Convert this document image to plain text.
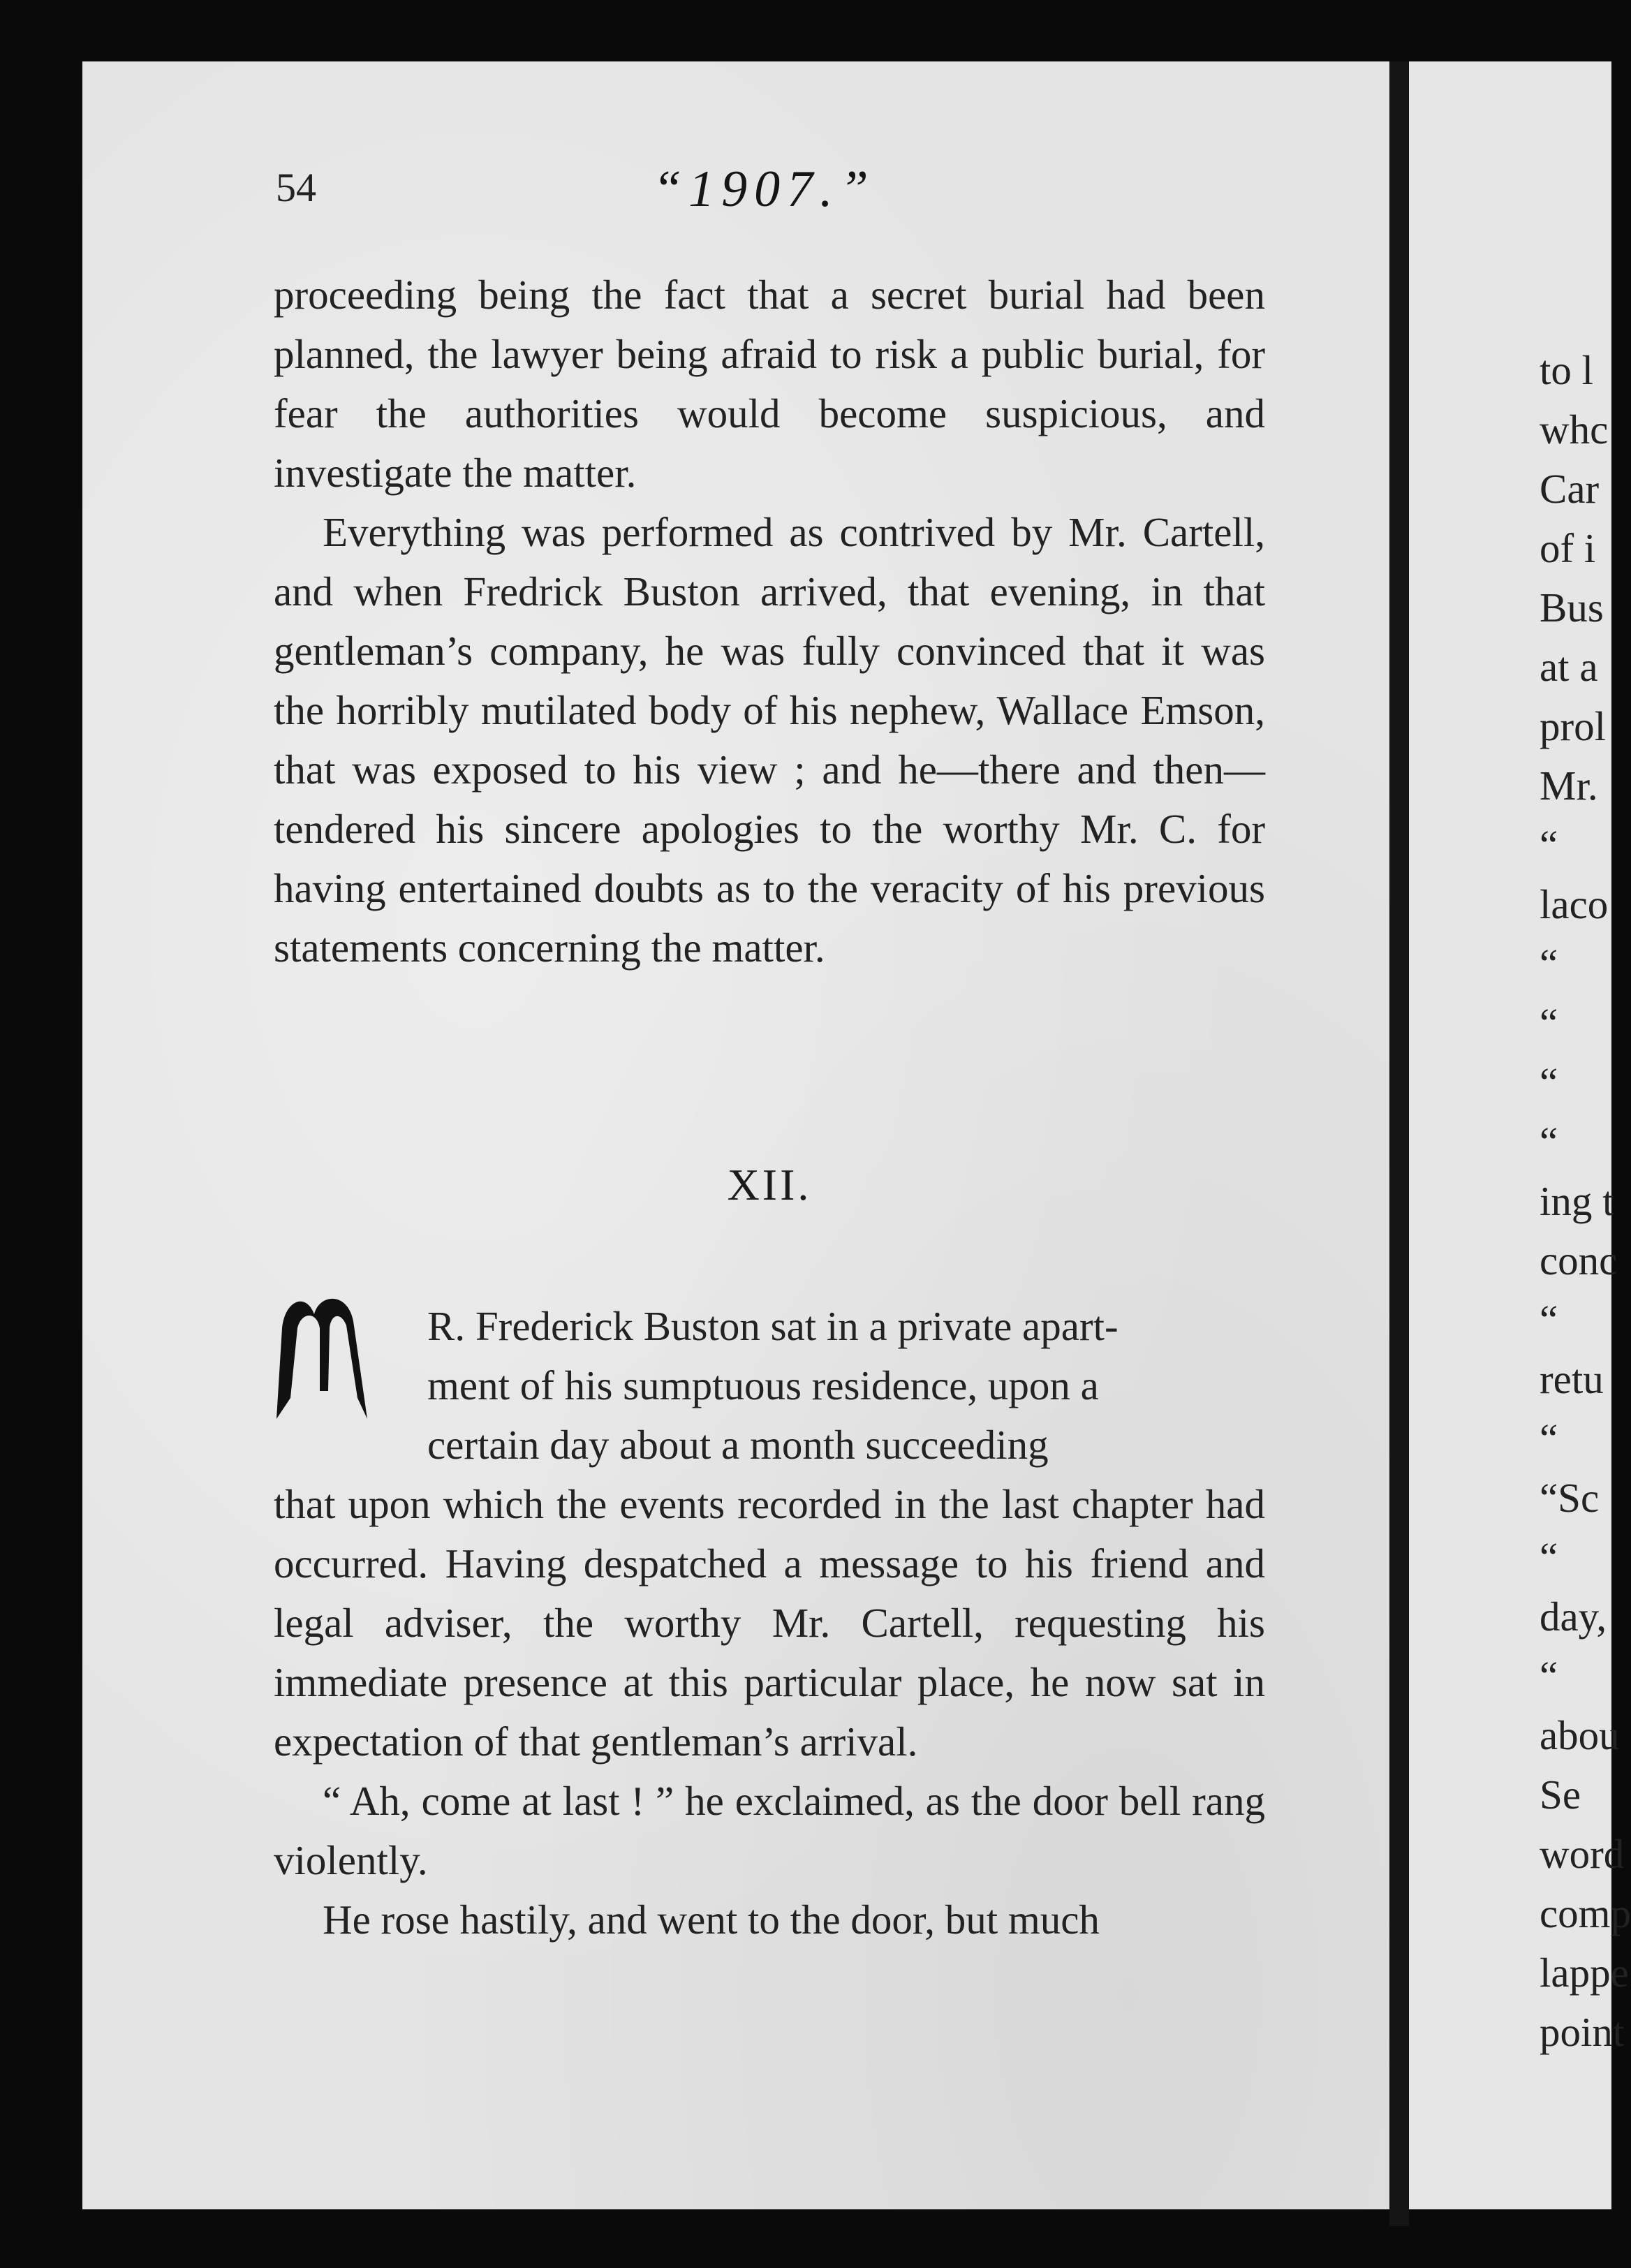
54	“1907.”

proceeding being the fact that a secret burial had been planned, the lawyer being afraid to risk a public burial, for fear the authorities would become suspicious, and investigate the matter.

Everything was performed as contrived by Mr. Cartell, and when Fredrick Buston arrived, that evening, in that gentleman’s company, he was fully convinced that it was the horribly mutilated body of his nephew, Wallace Emson, that was exposed to his view ; and he—there and then—tendered his sincere apologies to the worthy Mr. C. for having entertained doubts as to the veracity of his previous statements concerning the matter.

XII.

R. Frederick Buston sat in a private apart-

ment of his sumptuous residence, upon a

certain day about a month succeeding

that upon which the events recorded in the last chapter had occurred. Having despatched a message to his friend and legal adviser, the worthy Mr. Cartell, requesting his immediate presence at this particular place, he now sat in expectation of that gentleman’s arrival.

“ Ah, come at last ! ” he exclaimed, as the door bell rang violently.

He rose hastily, and went to the door, but much

to l
whc
Car
of i
Bus
at a
prol
Mr.
“
laco
“
“
“
“
ing t
conc
“
retu
“
“Sc
“
day,
“
abou
Se
word
comp
lappe
point
